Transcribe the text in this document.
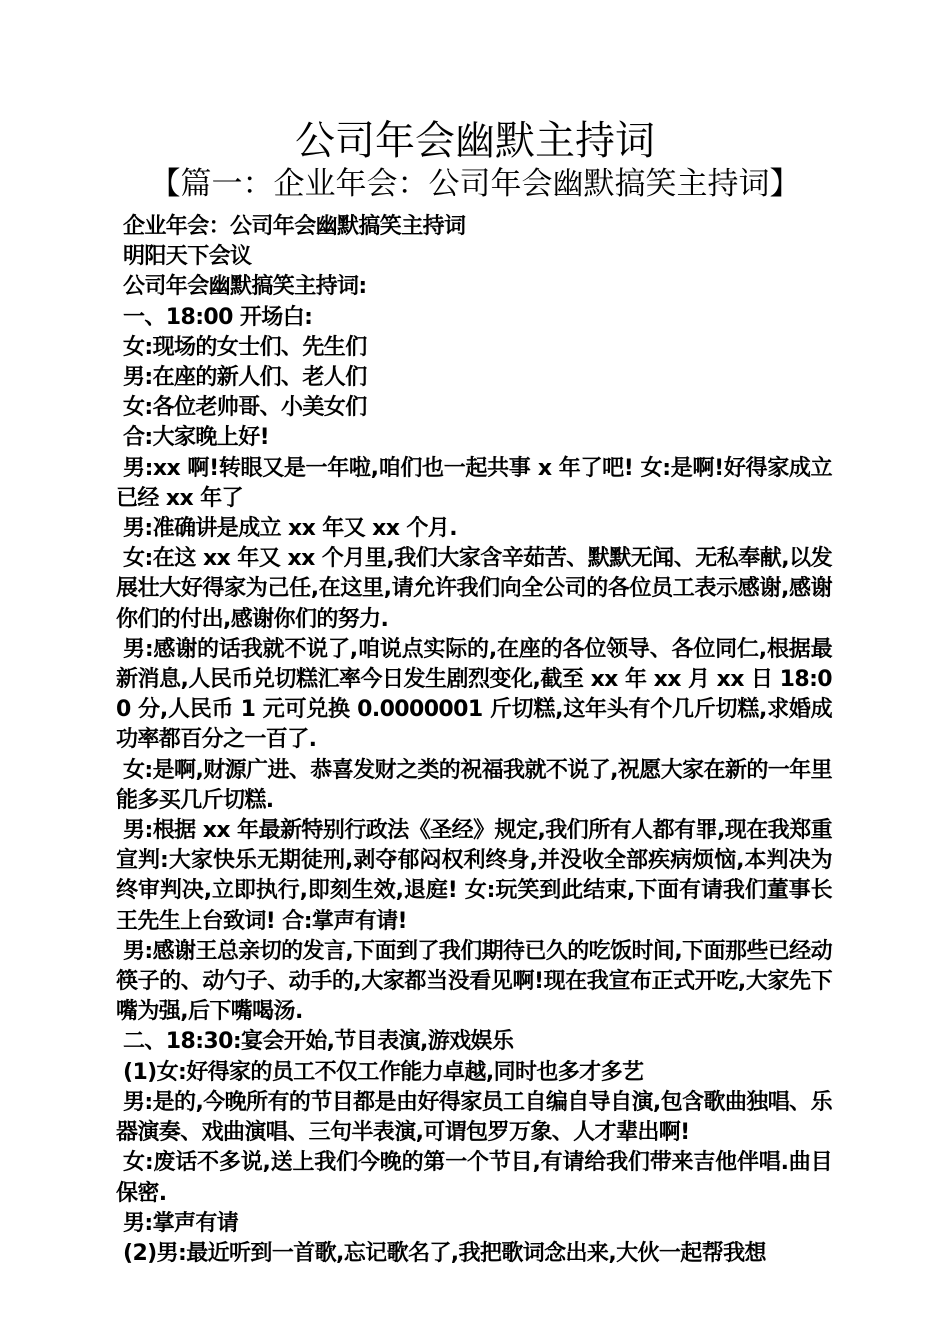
公司年会幽默主持词
【篇一：企业年会：公司年会幽默搞笑主持词】

企业年会：公司年会幽默搞笑主持词

明阳天下会议

公司年会幽默搞笑主持词:

一、18:00 开场白:

女:现场的女士们、先生们

男:在座的新人们、老人们

女:各位老帅哥、小美女们

合:大家晚上好!

男:xx 啊!转眼又是一年啦,咱们也一起共事 x 年了吧! 女:是啊!好得家成立已经 xx 年了

男:准确讲是成立 xx 年又 xx 个月.

女:在这 xx 年又 xx 个月里,我们大家含辛茹苦、默默无闻、无私奉献,以发展壮大好得家为己任,在这里,请允许我们向全公司的各位员工表示感谢,感谢你们的付出,感谢你们的努力.

男:感谢的话我就不说了,咱说点实际的,在座的各位领导、各位同仁,根据最新消息,人民币兑切糕汇率今日发生剧烈变化,截至 xx 年 xx 月 xx 日 18:00 分,人民币 1 元可兑换 0.0000001 斤切糕,这年头有个几斤切糕,求婚成功率都百分之一百了.

女:是啊,财源广进、恭喜发财之类的祝福我就不说了,祝愿大家在新的一年里能多买几斤切糕.

男:根据 xx 年最新特别行政法《圣经》规定,我们所有人都有罪,现在我郑重宣判:大家快乐无期徒刑,剥夺郁闷权利终身,并没收全部疾病烦恼,本判决为终审判决,立即执行,即刻生效,退庭! 女:玩笑到此结束,下面有请我们董事长王先生上台致词! 合:掌声有请!

男:感谢王总亲切的发言,下面到了我们期待已久的吃饭时间,下面那些已经动筷子的、动勺子、动手的,大家都当没看见啊!现在我宣布正式开吃,大家先下嘴为强,后下嘴喝汤.

二、18:30:宴会开始,节目表演,游戏娱乐

(1)女:好得家的员工不仅工作能力卓越,同时也多才多艺

男:是的,今晚所有的节目都是由好得家员工自编自导自演,包含歌曲独唱、乐器演奏、戏曲演唱、三句半表演,可谓包罗万象、人才辈出啊!

女:废话不多说,送上我们今晚的第一个节目,有请给我们带来吉他伴唱.曲目保密.

男:掌声有请

(2)男:最近听到一首歌,忘记歌名了,我把歌词念出来,大伙一起帮我想
